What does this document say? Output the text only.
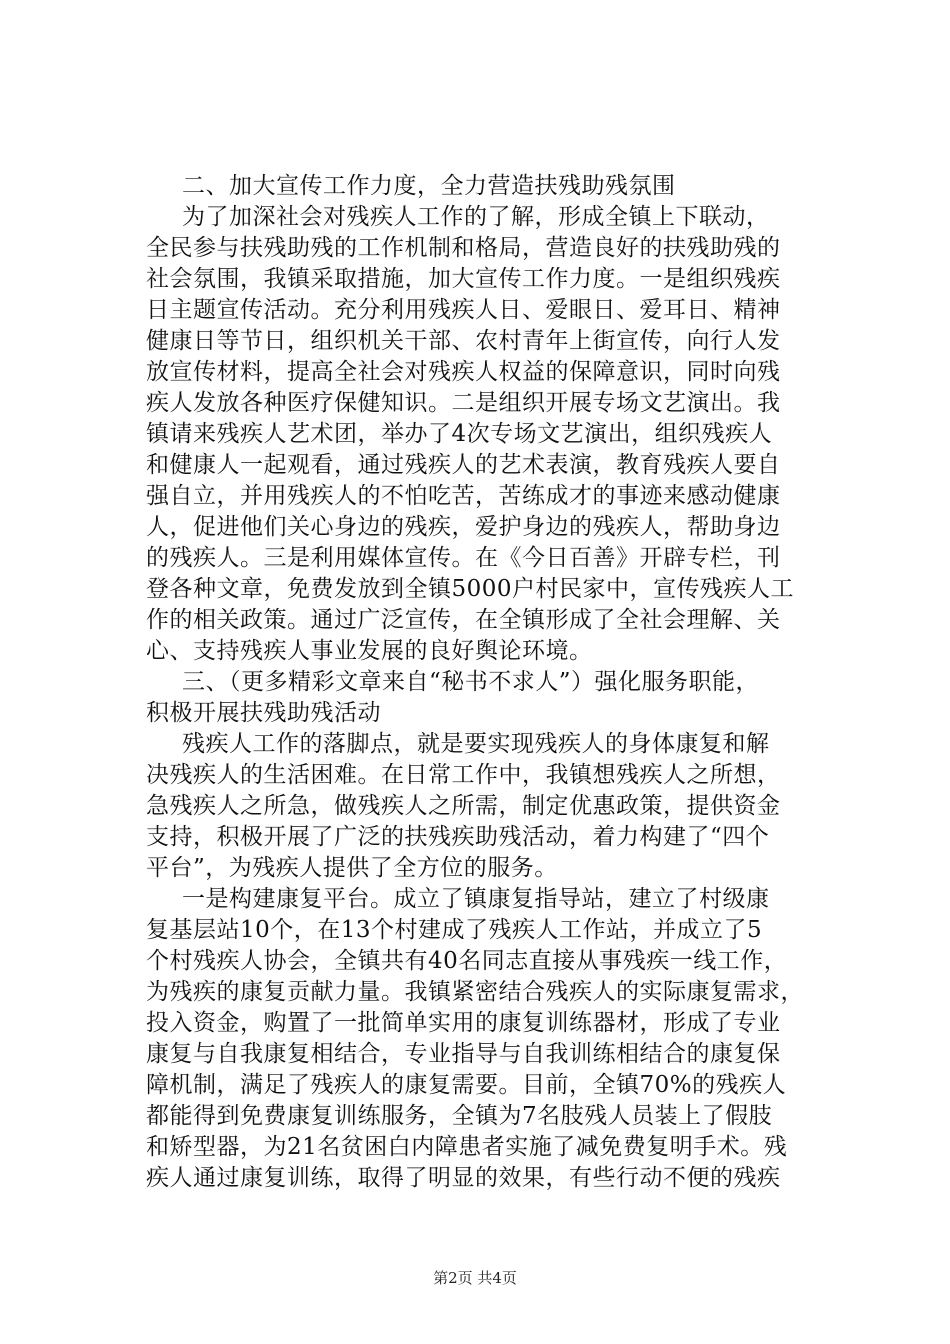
二、加大宣传工作力度，全力营造扶残助残氛围
为了加深社会对残疾人工作的了解，形成全镇上下联动，
全民参与扶残助残的工作机制和格局，营造良好的扶残助残的
社会氛围，我镇采取措施，加大宣传工作力度。一是组织残疾
日主题宣传活动。充分利用残疾人日、爱眼日、爱耳日、精神
健康日等节日，组织机关干部、农村青年上街宣传，向行人发
放宣传材料，提高全社会对残疾人权益的保障意识，同时向残
疾人发放各种医疗保健知识。二是组织开展专场文艺演出。我
镇请来残疾人艺术团，举办了4次专场文艺演出，组织残疾人
和健康人一起观看，通过残疾人的艺术表演，教育残疾人要自
强自立，并用残疾人的不怕吃苦，苦练成才的事迹来感动健康
人，促进他们关心身边的残疾，爱护身边的残疾人，帮助身边
的残疾人。三是利用媒体宣传。在《今日百善》开辟专栏，刊
登各种文章，免费发放到全镇5000户村民家中，宣传残疾人工
作的相关政策。通过广泛宣传，在全镇形成了全社会理解、关
心、支持残疾人事业发展的良好舆论环境。
三、（更多精彩文章来自“秘书不求人”）强化服务职能，
积极开展扶残助残活动
残疾人工作的落脚点，就是要实现残疾人的身体康复和解
决残疾人的生活困难。在日常工作中，我镇想残疾人之所想，
急残疾人之所急，做残疾人之所需，制定优惠政策，提供资金
支持，积极开展了广泛的扶残疾助残活动，着力构建了“四个
平台”，为残疾人提供了全方位的服务。
一是构建康复平台。成立了镇康复指导站，建立了村级康
复基层站10个，在13个村建成了残疾人工作站，并成立了5
个村残疾人协会，全镇共有40名同志直接从事残疾一线工作，
为残疾的康复贡献力量。我镇紧密结合残疾人的实际康复需求，
投入资金，购置了一批简单实用的康复训练器材，形成了专业
康复与自我康复相结合，专业指导与自我训练相结合的康复保
障机制，满足了残疾人的康复需要。目前，全镇70%的残疾人
都能得到免费康复训练服务，全镇为7名肢残人员装上了假肢
和矫型器，为21名贫困白内障患者实施了减免费复明手术。残
疾人通过康复训练，取得了明显的效果，有些行动不便的残疾
第2页 共4页
